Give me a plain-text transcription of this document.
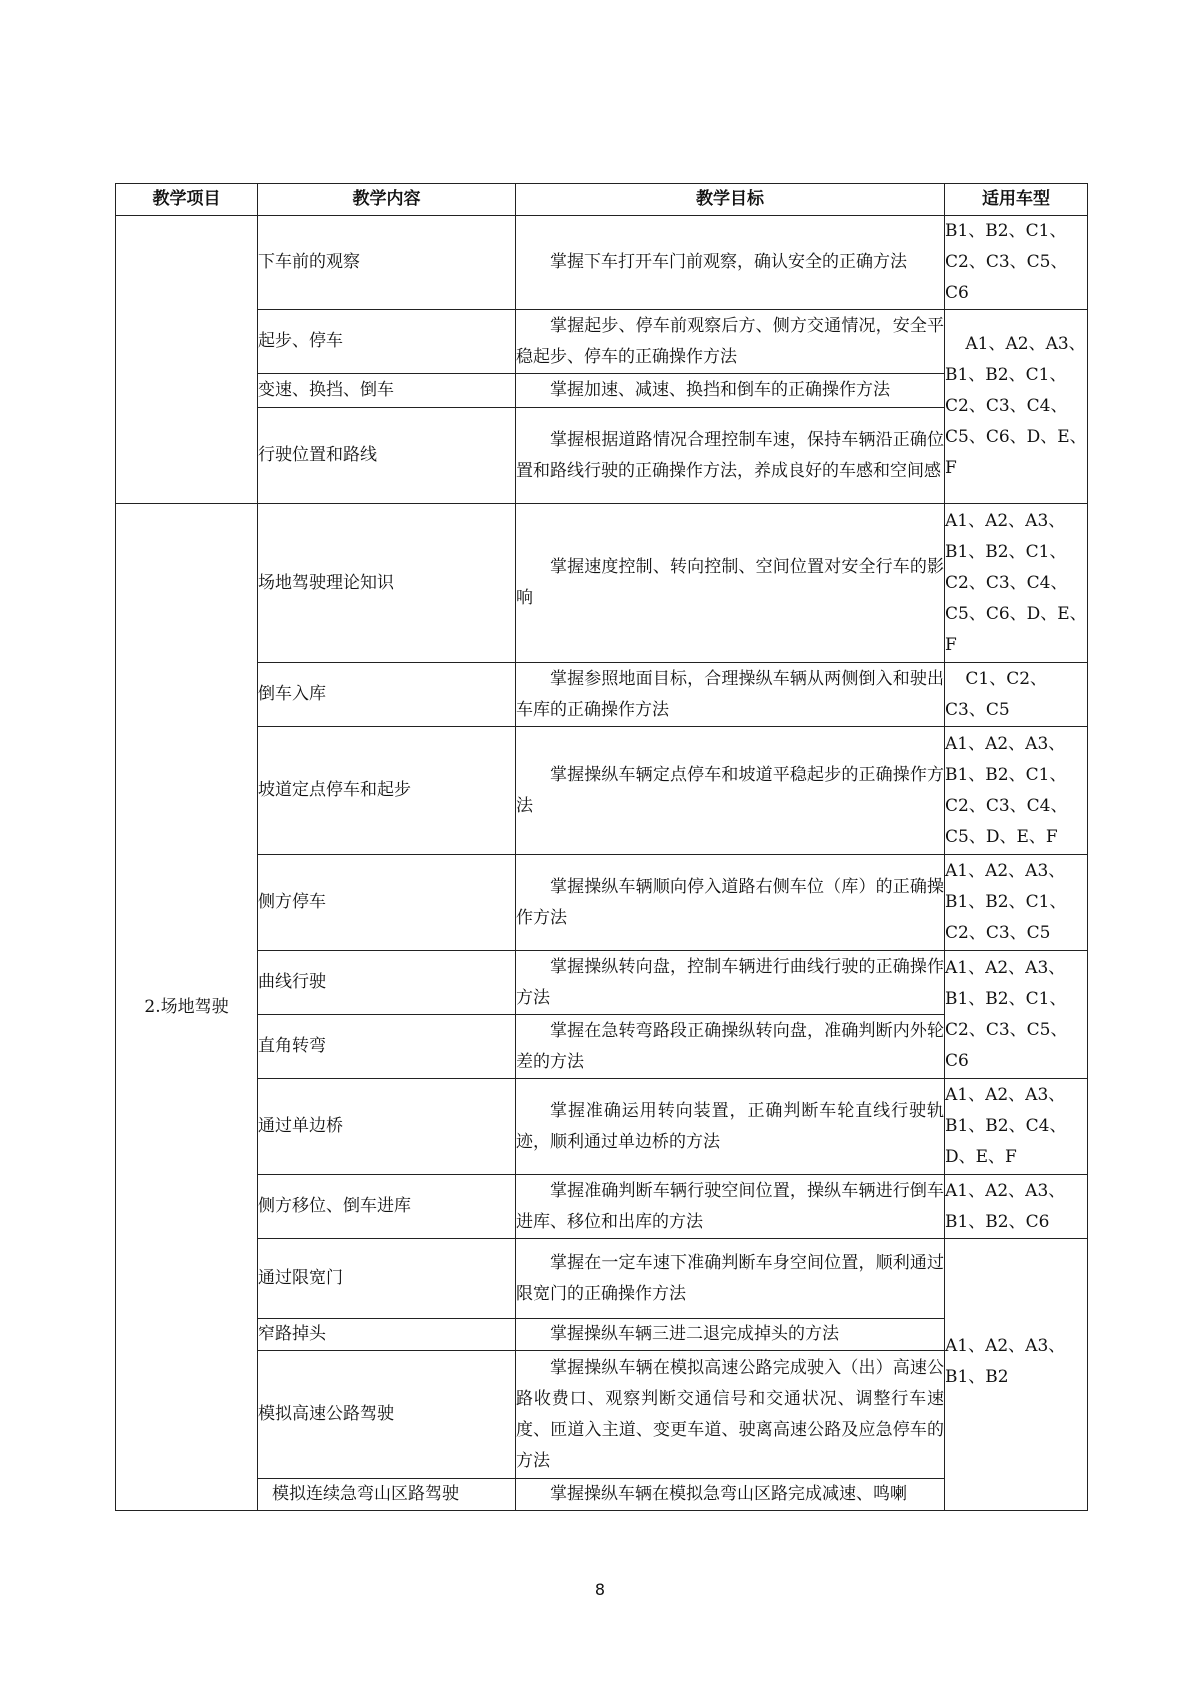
教学项目	教学内容	教学目标	适用车型
	下车前的观察	掌握下车打开车门前观察，确认安全的正确方法	B1、B2、C1、C2、C3、C5、C6
	起步、停车	掌握起步、停车前观察后方、侧方交通情况，安全平稳起步、停车的正确操作方法	A1、A2、A3、B1、B2、C1、C2、C3、C4、C5、C6、D、E、F
	变速、换挡、倒车	掌握加速、减速、换挡和倒车的正确操作方法	
	行驶位置和路线	掌握根据道路情况合理控制车速，保持车辆沿正确位置和路线行驶的正确操作方法，养成良好的车感和空间感	
2.场地驾驶	场地驾驶理论知识	掌握速度控制、转向控制、空间位置对安全行车的影响	A1、A2、A3、B1、B2、C1、C2、C3、C4、C5、C6、D、E、F
	倒车入库	掌握参照地面目标，合理操纵车辆从两侧倒入和驶出车库的正确操作方法	C1、C2、C3、C5
	坡道定点停车和起步	掌握操纵车辆定点停车和坡道平稳起步的正确操作方法	A1、A2、A3、B1、B2、C1、C2、C3、C4、C5、D、E、F
	侧方停车	掌握操纵车辆顺向停入道路右侧车位（库）的正确操作方法	A1、A2、A3、B1、B2、C1、C2、C3、C5
	曲线行驶	掌握操纵转向盘，控制车辆进行曲线行驶的正确操作方法	A1、A2、A3、B1、B2、C1、C2、C3、C5、C6
	直角转弯	掌握在急转弯路段正确操纵转向盘，准确判断内外轮差的方法	
	通过单边桥	掌握准确运用转向装置，正确判断车轮直线行驶轨迹，顺利通过单边桥的方法	A1、A2、A3、B1、B2、C4、D、E、F
	侧方移位、倒车进库	掌握准确判断车辆行驶空间位置，操纵车辆进行倒车进库、移位和出库的方法	A1、A2、A3、B1、B2、C6
	通过限宽门	掌握在一定车速下准确判断车身空间位置，顺利通过限宽门的正确操作方法	A1、A2、A3、B1、B2
	窄路掉头	掌握操纵车辆三进二退完成掉头的方法	
	模拟高速公路驾驶	掌握操纵车辆在模拟高速公路完成驶入（出）高速公路收费口、观察判断交通信号和交通状况、调整行车速度、匝道入主道、变更车道、驶离高速公路及应急停车的方法	
	模拟连续急弯山区路驾驶	掌握操纵车辆在模拟急弯山区路完成减速、鸣喇	
8
